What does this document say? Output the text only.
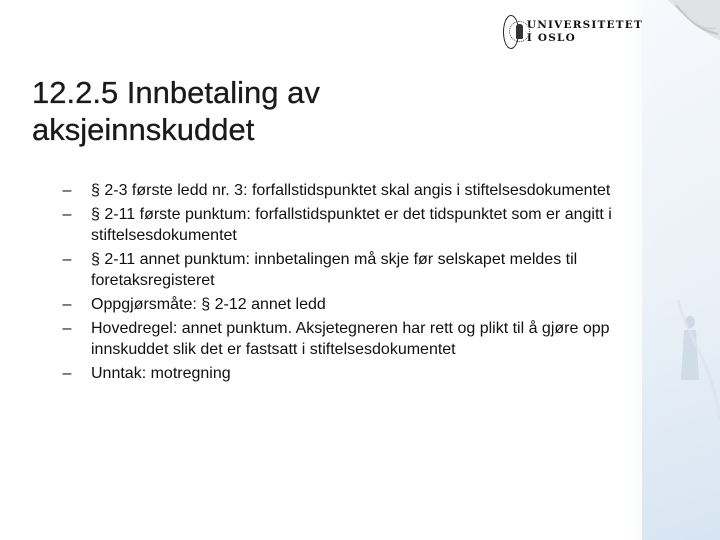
UNIVERSITETET
I OSLO
12.2.5 Innbetaling av
aksjeinnskuddet
– § 2-3 første ledd nr. 3: forfallstidspunktet skal angis i stiftelsesdokumentet
– § 2-11 første punktum: forfallstidspunktet er det tidspunktet som er angitt i stiftelsesdokumentet
– § 2-11 annet punktum: innbetalingen må skje før selskapet meldes til foretaksregisteret
– Oppgjørsmåte: § 2-12 annet ledd
– Hovedregel: annet punktum. Aksjetegneren har rett og plikt til å gjøre opp innskuddet slik det er fastsatt i stiftelsesdokumentet
– Unntak: motregning
